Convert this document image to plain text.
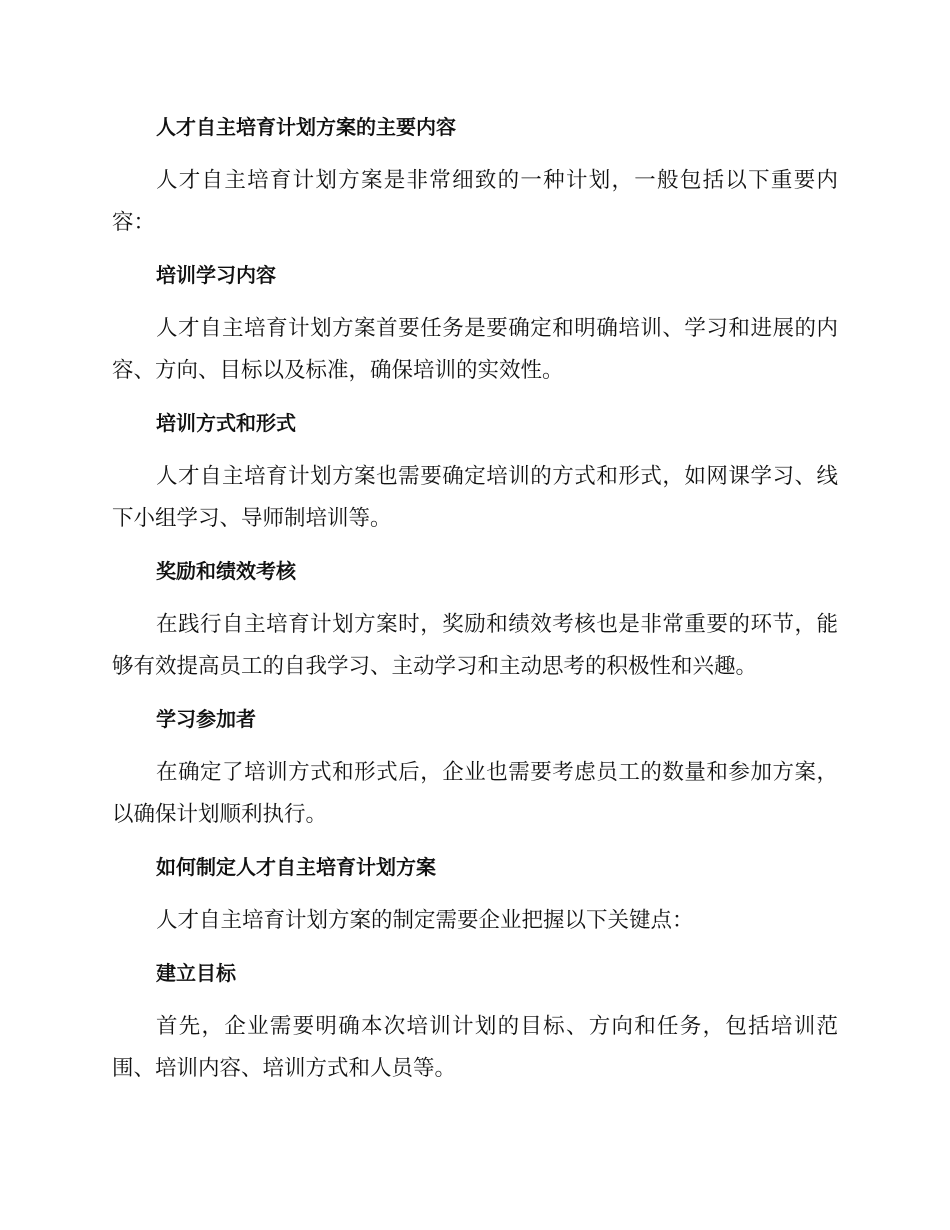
人才自主培育计划方案的主要内容
人才自主培育计划方案是非常细致的一种计划，一般包括以下重要内容：
培训学习内容
人才自主培育计划方案首要任务是要确定和明确培训、学习和进展的内容、方向、目标以及标准，确保培训的实效性。
培训方式和形式
人才自主培育计划方案也需要确定培训的方式和形式，如网课学习、线下小组学习、导师制培训等。
奖励和绩效考核
在践行自主培育计划方案时，奖励和绩效考核也是非常重要的环节，能够有效提高员工的自我学习、主动学习和主动思考的积极性和兴趣。
学习参加者
在确定了培训方式和形式后，企业也需要考虑员工的数量和参加方案，以确保计划顺利执行。
如何制定人才自主培育计划方案
人才自主培育计划方案的制定需要企业把握以下关键点：
建立目标
首先，企业需要明确本次培训计划的目标、方向和任务，包括培训范围、培训内容、培训方式和人员等。
